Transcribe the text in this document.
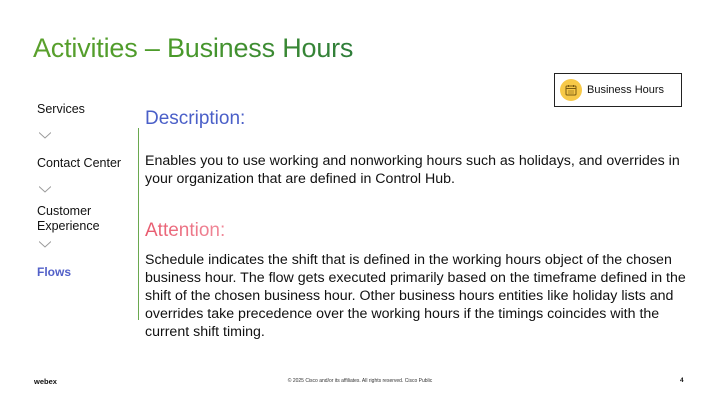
Activities – Business Hours
Services
Contact Center
Customer Experience
Flows
Business Hours
Description:
Enables you to use working and nonworking hours such as holidays, and overrides in your organization that are defined in Control Hub.
Attention:
Schedule indicates the shift that is defined in the working hours object of the chosen business hour. The flow gets executed primarily based on the timeframe defined in the shift of the chosen business hour. Other business hours entities like holiday lists and overrides take precedence over the working hours if the timings coincides with the current shift timing.
webex	© 2025 Cisco and/or its affiliates. All rights reserved. Cisco Public	4
